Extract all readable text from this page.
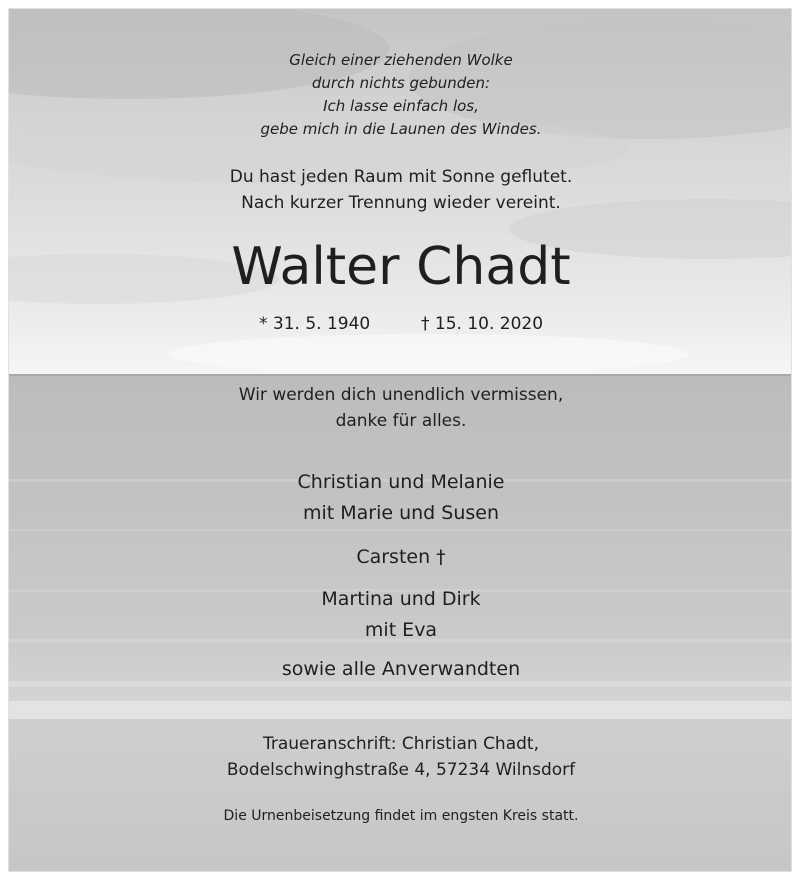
Gleich einer ziehenden Wolke
durch nichts gebunden:
Ich lasse einfach los,
gebe mich in die Launen des Windes.
Du hast jeden Raum mit Sonne geflutet.
Nach kurzer Trennung wieder vereint.
Walter Chadt
* 31. 5. 1940	† 15. 10. 2020
Wir werden dich unendlich vermissen,
danke für alles.
Christian und Melanie
mit Marie und Susen
Carsten †
Martina und Dirk
mit Eva
sowie alle Anverwandten
Traueranschrift: Christian Chadt,
Bodelschwinghstraße 4, 57234 Wilnsdorf
Die Urnenbeisetzung findet im engsten Kreis statt.
